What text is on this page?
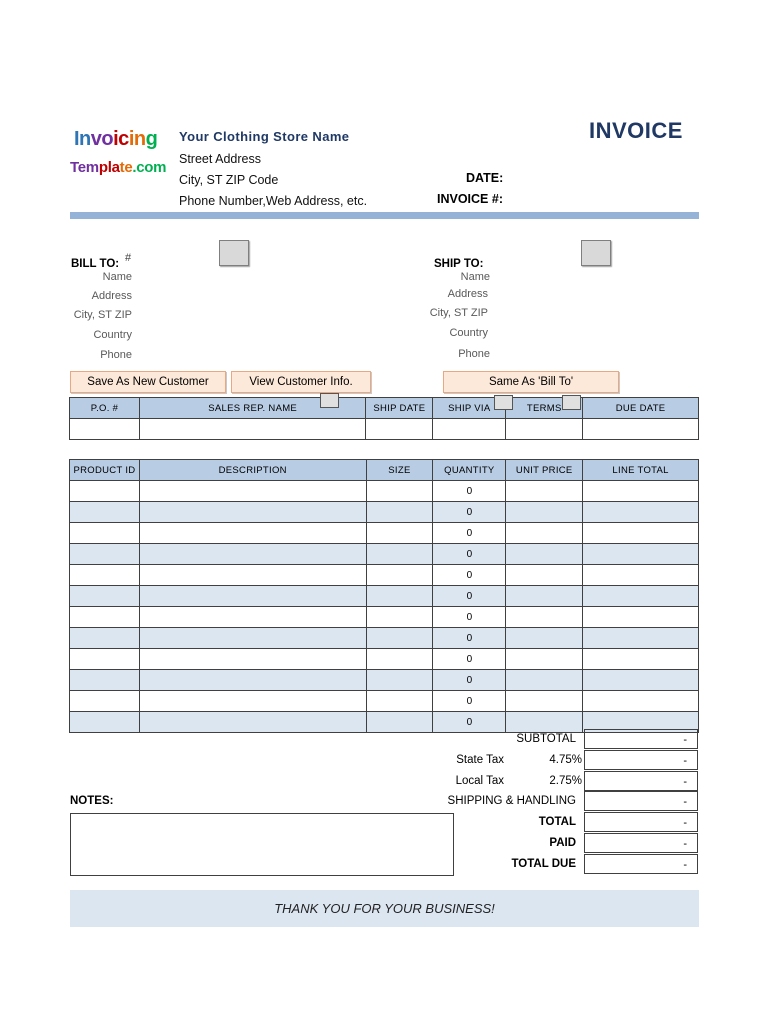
Invoicing
Template.com
Your Clothing Store Name
Street Address
City, ST ZIP Code
Phone Number,Web Address, etc.
INVOICE
DATE:
INVOICE #:
BILL TO: #
Name
Address
City, ST ZIP
Country
Phone
SHIP TO:
Name
Address
City, ST ZIP
Country
Phone
Save As New Customer	View Customer Info.	Same As 'Bill To'
P.O. #	SALES REP. NAME	SHIP DATE	SHIP VIA	TERMS	DUE DATE

PRODUCT ID	DESCRIPTION	SIZE	QUANTITY	UNIT PRICE	LINE TOTAL
			0		
			0		
			0		
			0		
			0		
			0		
			0		
			0		
			0		
			0		
			0		
			0		
SUBTOTAL	-
State Tax	4.75%	-
Local Tax	2.75%	-
SHIPPING & HANDLING	-
TOTAL	-
PAID	-
TOTAL DUE	-
NOTES:
THANK YOU FOR YOUR BUSINESS!
